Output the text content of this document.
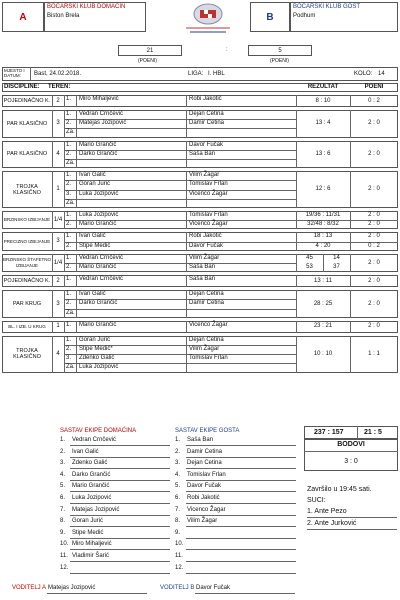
A
BOĆARSKI KLUB DOMAĆIN
Biston Brela	B
BOĆARSKI KLUB GOST
Podhum
21	:	5
(POENI)	(POENI)
MJESTO I DATUM:	Bast, 24.02.2018.	LIGA: I. HBL	KOLO: 14
DISCIPLINE: TEREN:	REZULTAT	POENI
POJEDINAČNO K.	2	1. Miro Mihaljević	Robi Jakotić	8 : 10	0 : 2
PAR KLASIČNO	3
1. Vedran Crnčević	Dejan Cetina
2. Matejas Jozipović	Damir Cetina
Za.
13 : 4	2 : 0
PAR KLASIČNO	4
1. Mario Grančić	Davor Fučak
2. Darko Grančić	Saša Ban
Za.
13 : 6	2 : 0
TROJKA KLASIČNO
1
1. Ivan Galić	Vilim Žagar
2. Goran Jurić	Tomislav Frlan
3. Luka Jozipović	Vicenco Žagar
Za.
12 : 6	2 : 0
BRZINSKO IZBIJANJE 1/4
1. Luka Jozipović	Tomislav Frlan
2. Mario Grančić	Vicenco Žagar
19/36 : 11/31	2 : 0
32/48 : 8/32	2 : 0
PRECIZNO IZBIJANJE	3
1. Ivan Galić	Robi Jakotić
2. Stipe Medić	Davor Fučak
18 : 13	2 : 0
4 : 20	0 : 2
BRZINSKO ŠTAFETNO IZBIJANJE	1/4
1. Vedran Crnčević	Vilim Žagar
2. Mario Grančić	Saša Ban
2 : 0
45	14
53	37
POJEDINAČNO K.	2	1. Vedran Crnčević	Saša Ban	13 : 11	2 : 0
PAR KRUG	3
1. Ivan Galić	Dejan Cetina
2. Darko Grančić	Damir Cetina
Za.
28 : 25	2 : 0
BL. I IZB. U KRUG	1	1. Mario Grančić	Vicenco Žagar	23 : 21	2 : 0
TROJKA KLASIČNO
4
1. Goran Jurić	Dejan Cetina
2. Stipe Medić*	Vilim Žagar
3. Zdenko Galić	Tomislav Frlan
Za. Luka Jozipović
10 : 10	1 : 1
SASTAV EKIPE DOMAĆINA	SASTAV EKIPE GOSTA
1. Vedran Crnčević
2. Ivan Galić
3. Zdenko Galić
4. Darko Grančić
5. Mario Grančić
6. Luka Jozipović
7. Matejas Jozipović
8. Goran Jurić
9. Stipe Medić
10. Miro Mihaljević
11. Vladimir Šarić
12.
1. Saša Ban
2. Damir Cetina
3. Dejan Cetina
4. Tomislav Frlan
5. Davor Fučak
6. Robi Jakotić
7. Vicenco Žagar
8. Vilim Žagar
9.
10.
11.
12.
237 : 157	21 : 5
BODOVI
3 : 0
Završilo u 19:45 sati.
SUCI:
1. Ante Pezo
2. Ante Jurković
VODITELJ A Matejas Jozipović	VODITELJ B Davor Fučak
